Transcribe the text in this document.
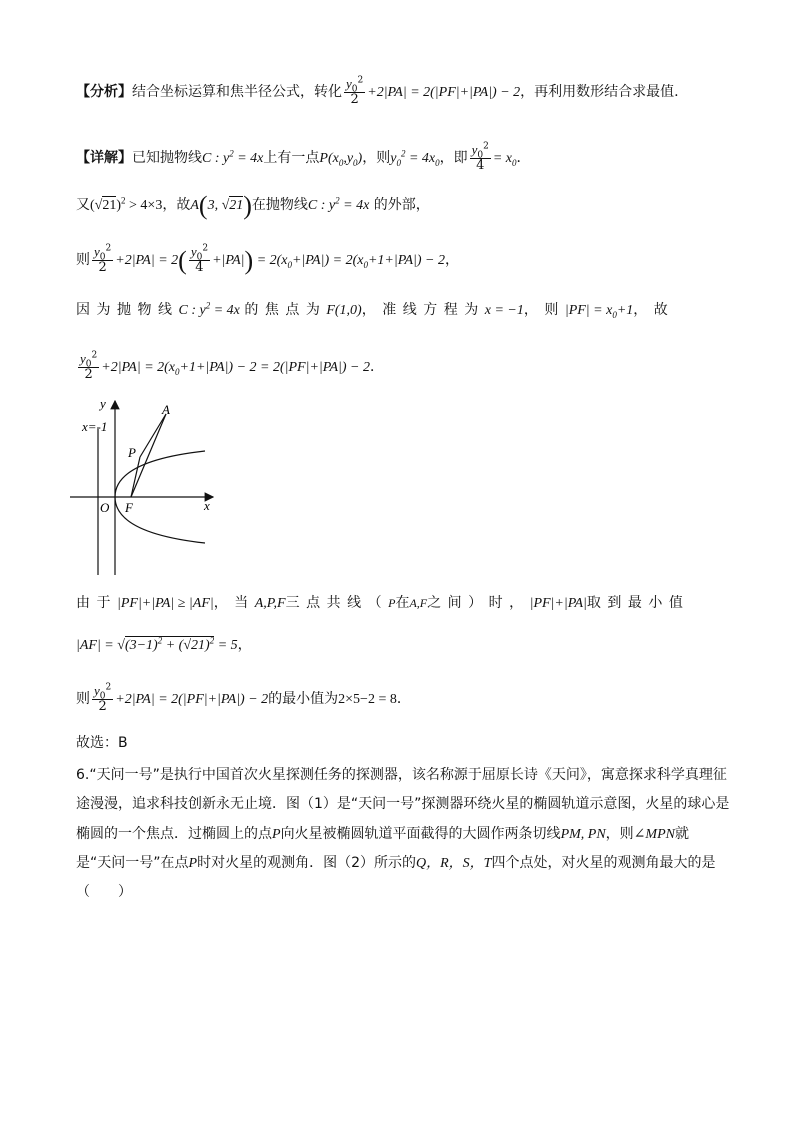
【分析】结合坐标运算和焦半径公式，转化 $\frac{y_0^2}{2} +2|PA| = 2(|PF|+|PA|) - 2$，再利用数形结合求最值.
【详解】已知抛物线C : $y^2 = 4x$上有一点$P(x_0,y_0)$，则$y_0^2 = 4x_0$，即 $\frac{y_0^2}{4} = x_0$．
又$(√21)^2 > 4\times 3$，故A(3, √21)在抛物线C : $y^2 = 4x$ 的外部，
则 $\frac{y_0^2}{2} +2|PA| = 2( \frac{y_0^2}{4} +|PA|) = 2(x_0+|PA|) = 2(x_0+1+|PA|) - 2$，
因为抛物线C : $y^2 = 4x$ 的焦点为F(1,0)，准线方程为x = −1，则$|PF| = x_0+1$，故
$\frac{y_0^2}{2} +2|PA| = 2(x_0+1+|PA|) - 2 = 2(|PF|+|PA|) - 2$．
y
x
x=-1
O F
A
P
由于|PF|+|PA| ≥ |AF|，当A,P,F三点共线（P在A,F之间）时，|PF|+|PA|取到最小值
$|AF| = √(3-1)^2 + (√21)^2 = 5$，
则 $\frac{y_0^2}{2} +2|PA| = 2(|PF|+|PA|) - 2$的最小值为2×5−2 = 8．
故选：B
6.“天问一号”是执行中国首次火星探测任务的探测器，该名称源于屈原长诗《天问》，寓意探求科学真理征
途漫漫，追求科技创新永无止境．图（1）是“天问一号”探测器环绕火星的椭圆轨道示意图，火星的球心是
椭圆的一个焦点．过椭圆上的点P向火星被椭圆轨道平面截得的大圆作两条切线PM, PN，则∠MPN就
是“天问一号”在点P时对火星的观测角．图（2）所示的Q，R，S，T四个点处，对火星的观测角最大的是
（　　）
